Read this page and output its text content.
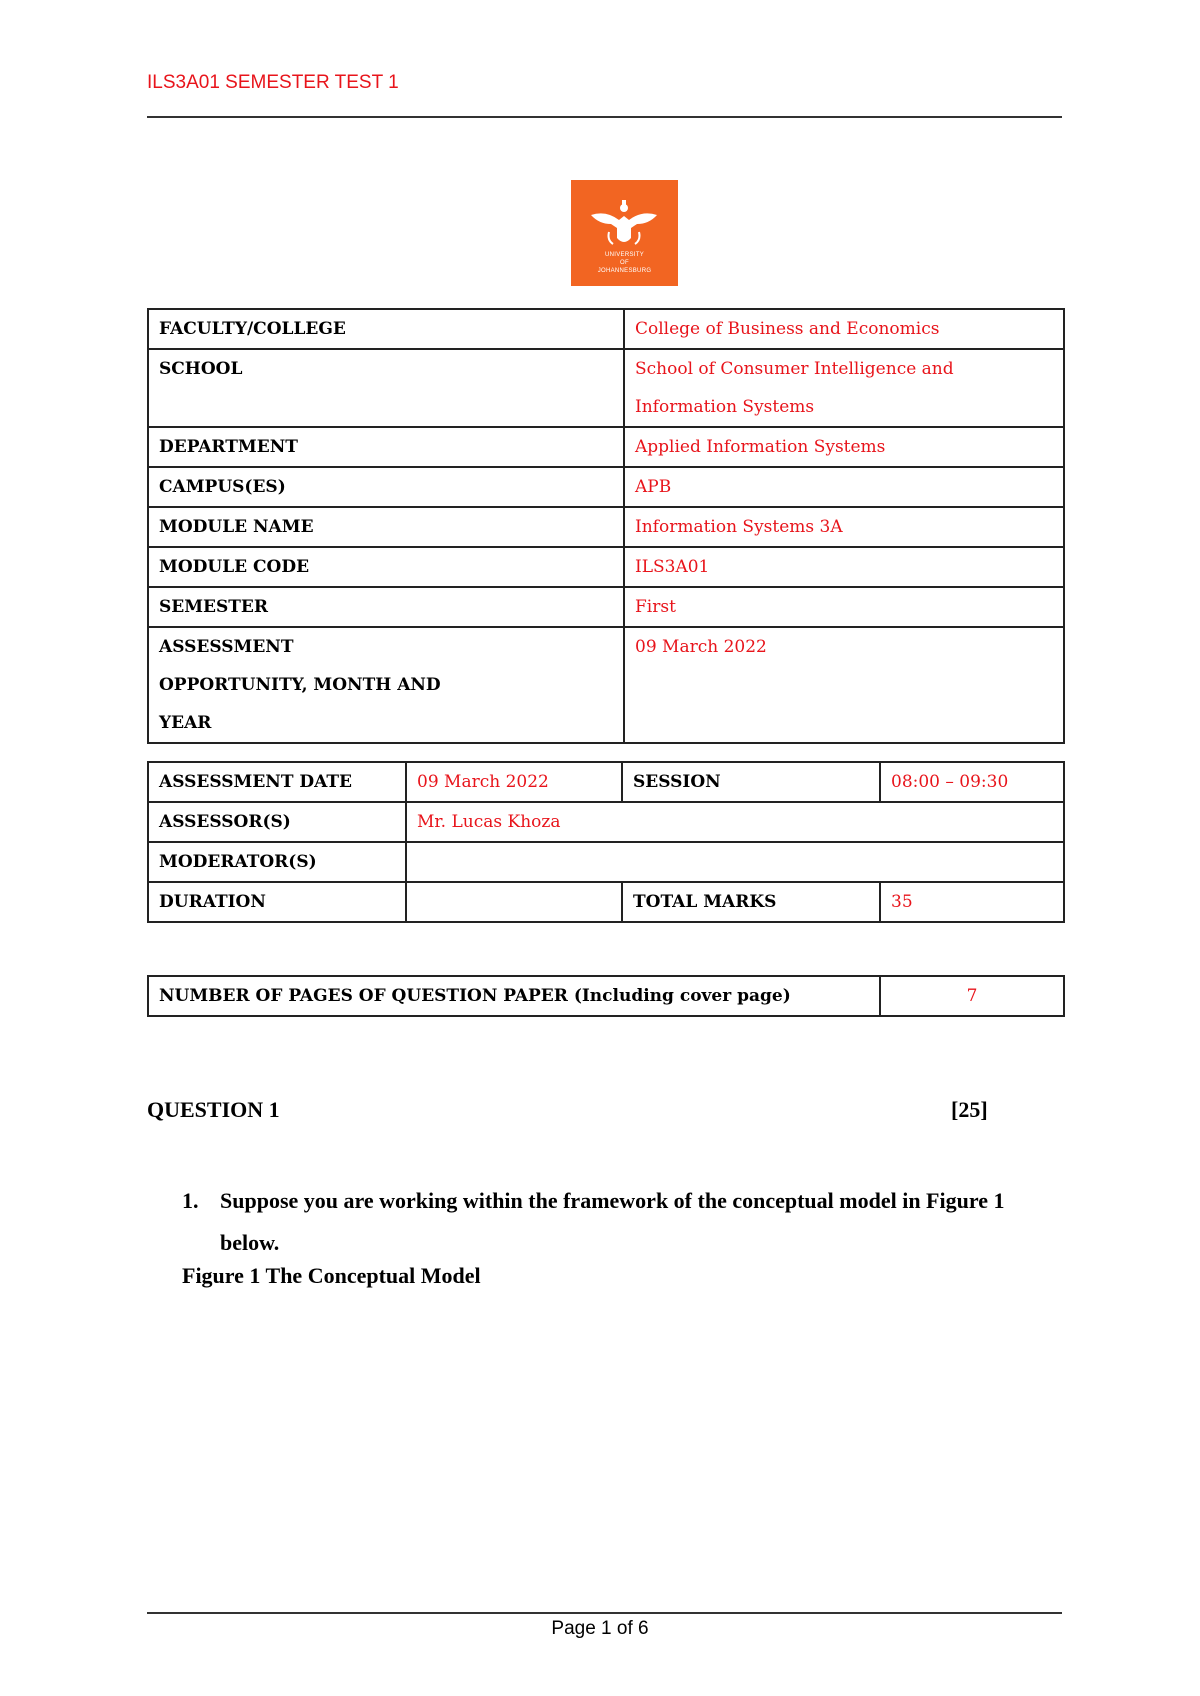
ILS3A01 SEMESTER TEST 1
UNIVERSITY
OF
JOHANNESBURG
FACULTY/COLLEGE	College of Business and Economics
SCHOOL	School of Consumer Intelligence and Information Systems
DEPARTMENT	Applied Information Systems
CAMPUS(ES)	APB
MODULE NAME	Information Systems 3A
MODULE CODE	ILS3A01
SEMESTER	First
ASSESSMENT OPPORTUNITY, MONTH AND YEAR	09 March 2022
ASSESSMENT DATE	09 March 2022	SESSION	08:00 – 09:30
ASSESSOR(S)	Mr. Lucas Khoza		
MODERATOR(S)			
DURATION		TOTAL MARKS	35
NUMBER OF PAGES OF QUESTION PAPER (Including cover page)	7
QUESTION 1	[25]
1. Suppose you are working within the framework of the conceptual model in Figure 1 below.
Figure 1 The Conceptual Model
Page 1 of 6
